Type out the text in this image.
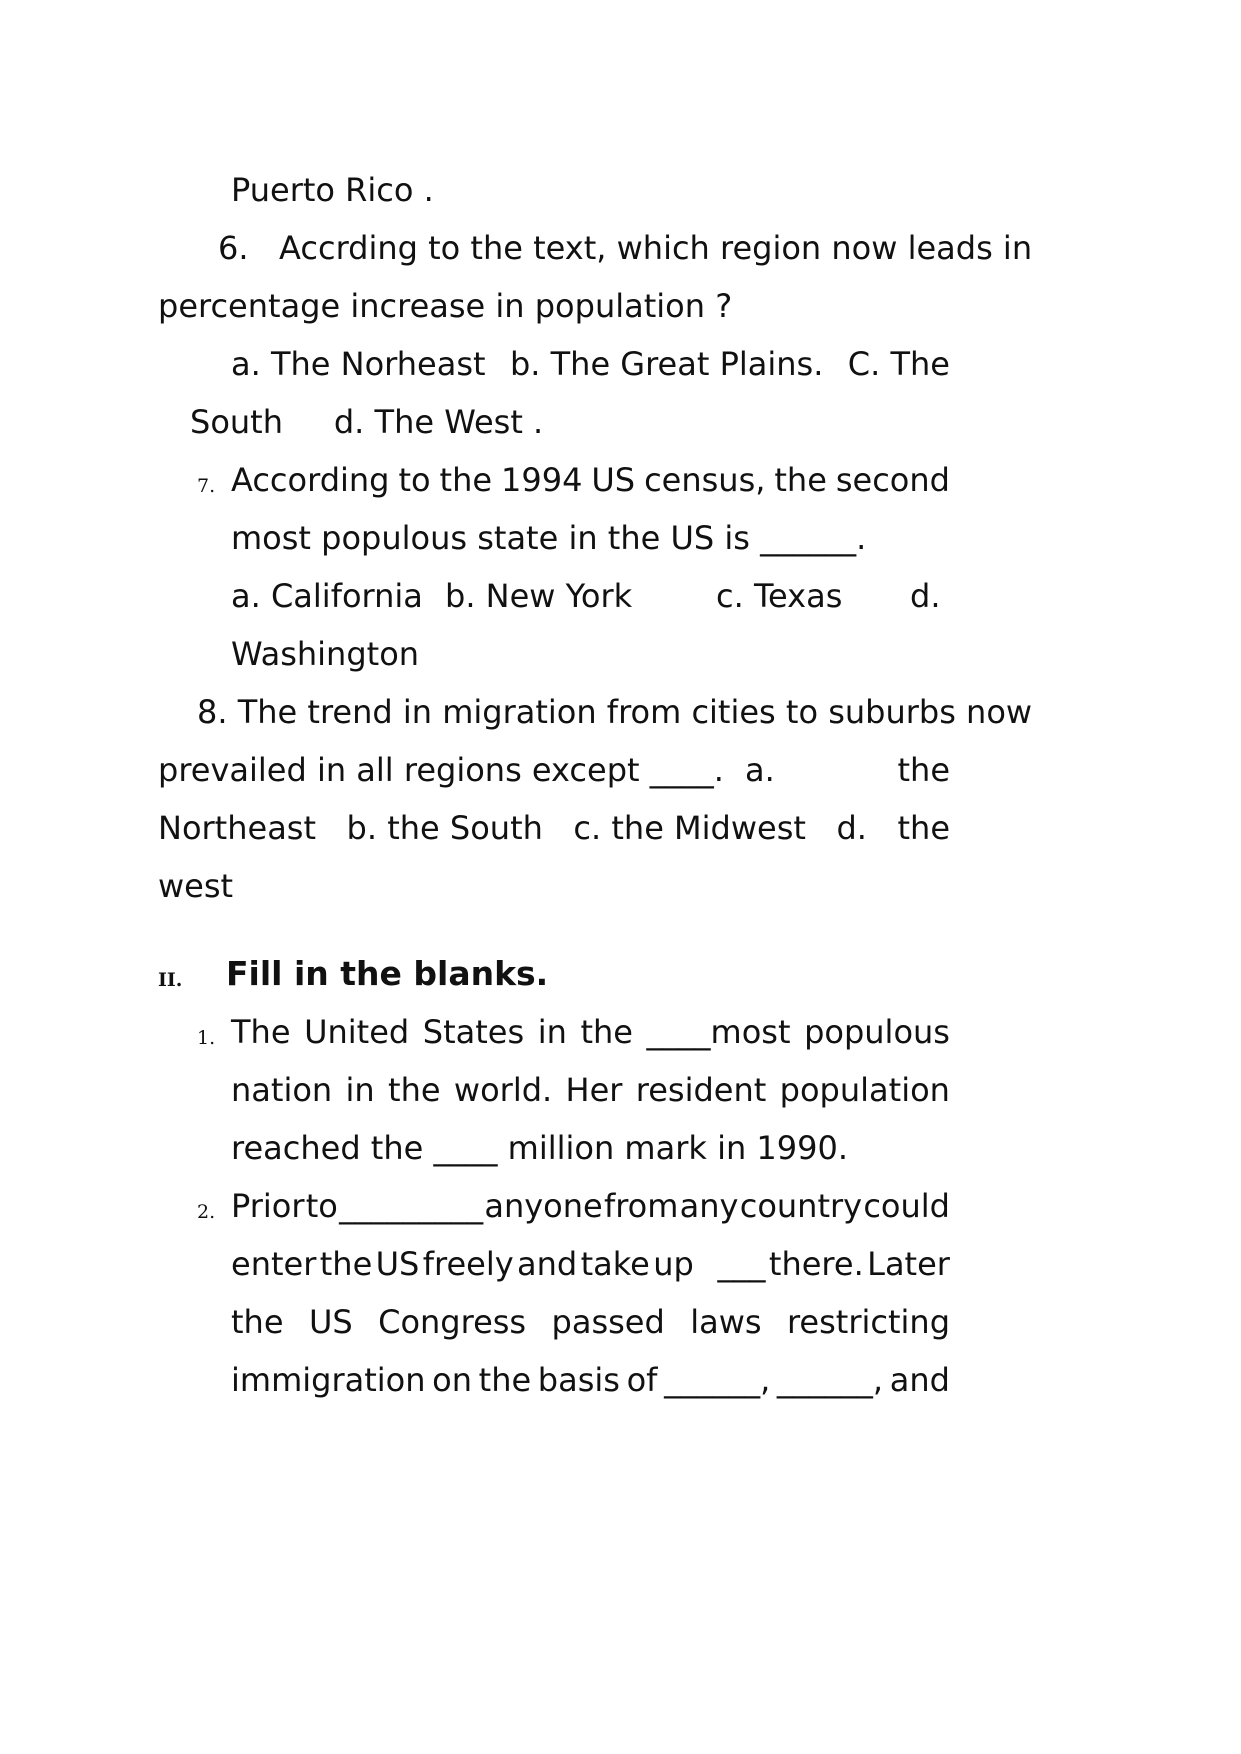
Puerto Rico .
6.   Accrding to the text, which region now leads in
percentage increase in population ?
a. The Norheast b. The Great Plains. C. The
South     d. The West .
7. According to the 1994 US census, the second
most populous state in the US is ______.
a. California b. New York	c. Texas d.
Washington
8. The trend in migration from cities to suburbs now
prevailed in all regions except ____. a.	the
Northeast b. the South c. the Midwest d. the
west
II. Fill in the blanks.
1. The United States in the ____most populous
nation in the world. Her resident population
reached the ____ million mark in 1990.
2. Prior to _________ anyone from any country could
enter the US freely and take up ___ there. Later
the US Congress passed laws restricting
immigration on the basis of ______, ______, and
